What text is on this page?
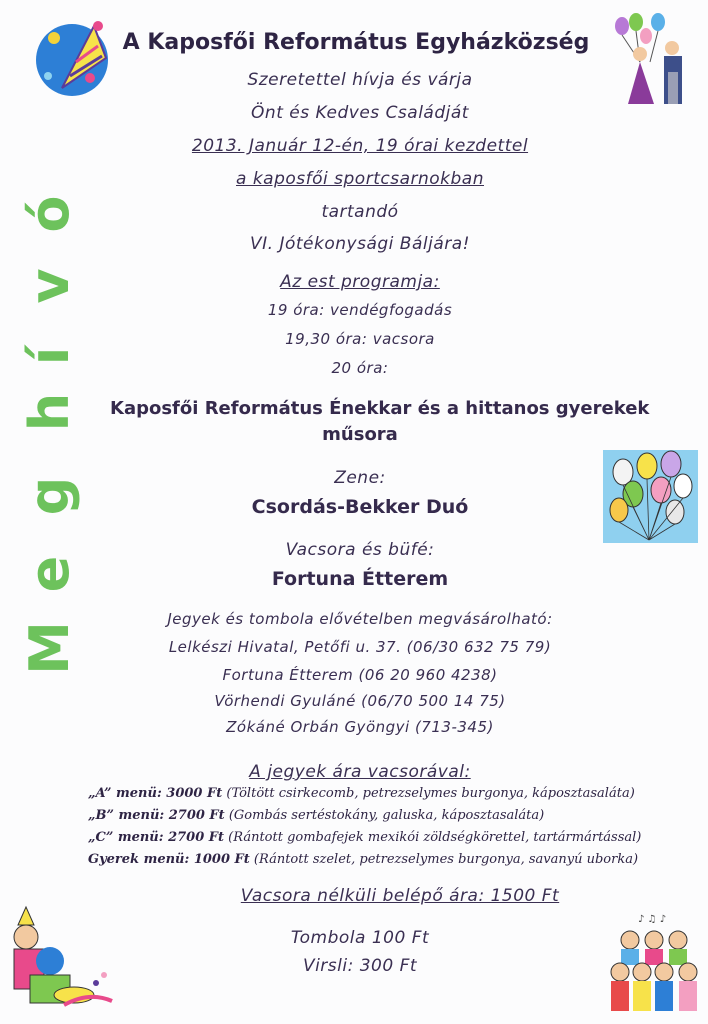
♪ ♫ ♪
M
e
g
h
í
v
ó
A Kaposfői Református Egyházközség
Szeretettel hívja és várja
Önt és Kedves Családját
2013. Január 12-én, 19 órai kezdettel
a kaposfői sportcsarnokban
tartandó
VI. Jótékonysági Báljára!
Az est programja:
19 óra: vendégfogadás
19,30 óra: vacsora
20 óra:
Kaposfői Református Énekkar és a hittanos gyerekek
műsora
Zene:
Csordás-Bekker Duó
Vacsora és büfé:
Fortuna Étterem
Jegyek és tombola elővételben megvásárolható:
Lelkészi Hivatal, Petőfi u. 37. (06/30 632 75 79)
Fortuna Étterem (06 20 960 4238)
Vörhendi Gyuláné (06/70 500 14 75)
Zókáné Orbán Gyöngyi (713-345)
A jegyek ára vacsorával:
„A” menü: 3000 Ft (Töltött csirkecomb, petrezselymes burgonya, káposztasaláta)
„B” menü: 2700 Ft (Gombás sertéstokány, galuska, káposztasaláta)
„C” menü: 2700 Ft (Rántott gombafejek mexikói zöldségkörettel, tartármártással)
Gyerek menü: 1000 Ft (Rántott szelet, petrezselymes burgonya, savanyú uborka)
Vacsora nélküli belépő ára: 1500 Ft
Tombola 100 Ft
Virsli: 300 Ft
